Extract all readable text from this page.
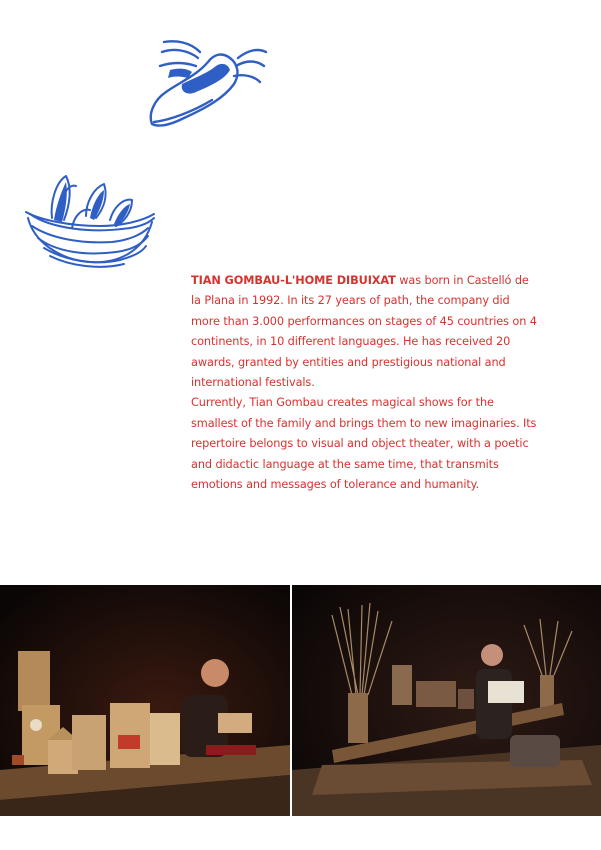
TIAN GOMBAU-L'HOME DIBUIXAT was born in Castelló de la Plana in 1992. In its 27 years of path, the company did more than 3.000 performances on stages of 45 countries on 4 continents, in 10 different languages. He has received 20 awards, granted by entities and prestigious national and international festivals.

Currently, Tian Gombau creates magical shows for the smallest of the family and brings them to new imaginaries. Its repertoire belongs to visual and object theater, with a poetic and didactic language at the same time, that transmits emotions and messages of tolerance and humanity.
